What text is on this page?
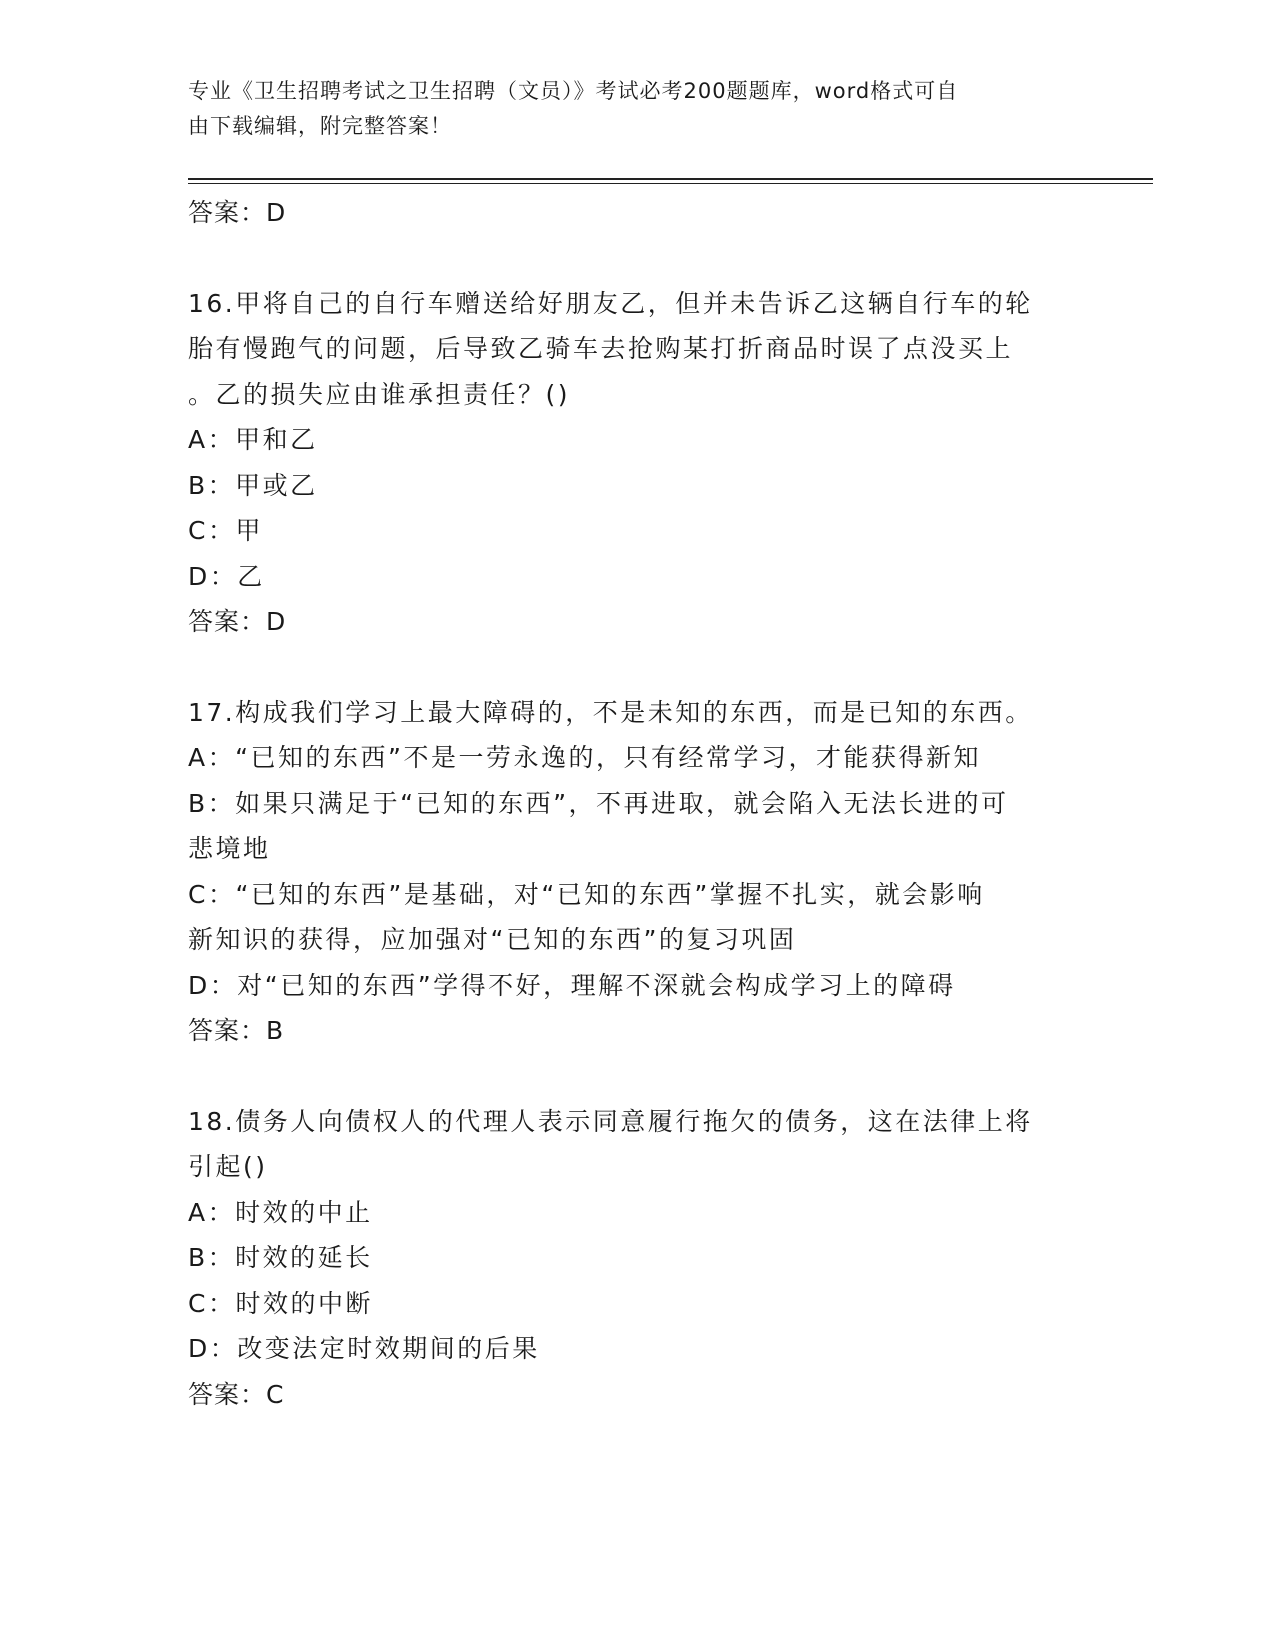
专业《卫生招聘考试之卫生招聘（文员）》考试必考200题题库，word格式可自

由下载编辑，附完整答案！

答案：D

16.甲将自己的自行车赠送给好朋友乙，但并未告诉乙这辆自行车的轮

胎有慢跑气的问题，后导致乙骑车去抢购某打折商品时误了点没买上

。乙的损失应由谁承担责任？()

A：甲和乙

B：甲或乙

C：甲

D：乙

答案：D

17.构成我们学习上最大障碍的，不是未知的东西，而是已知的东西。

A：“已知的东西”不是一劳永逸的，只有经常学习，才能获得新知

B：如果只满足于“已知的东西”，不再进取，就会陷入无法长进的可

悲境地

C：“已知的东西”是基础，对“已知的东西”掌握不扎实，就会影响

新知识的获得，应加强对“已知的东西”的复习巩固

D：对“已知的东西”学得不好，理解不深就会构成学习上的障碍

答案：B

18.债务人向债权人的代理人表示同意履行拖欠的债务，这在法律上将

引起()

A：时效的中止

B：时效的延长

C：时效的中断

D：改变法定时效期间的后果

答案：C
